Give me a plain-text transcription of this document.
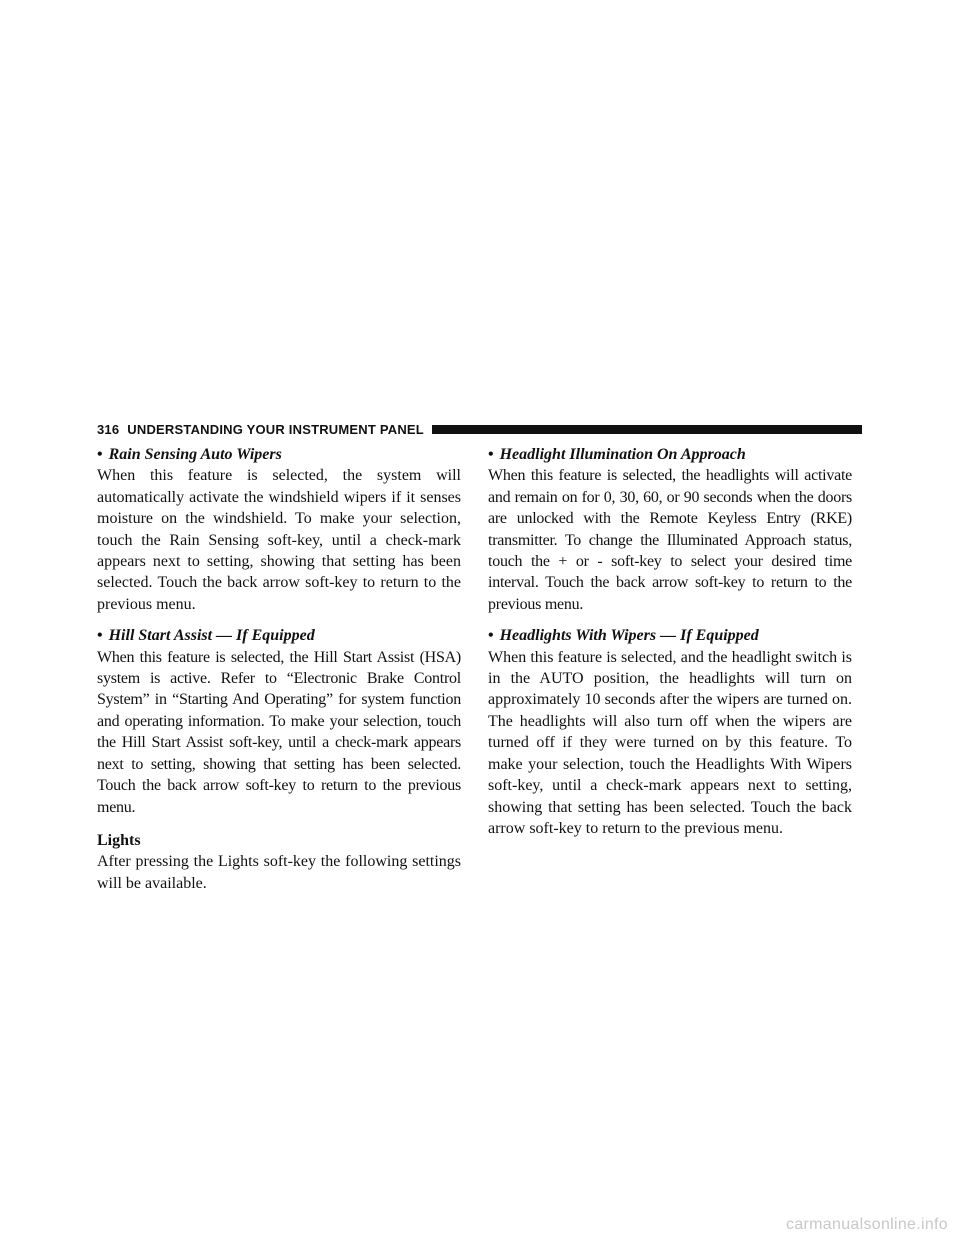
316 UNDERSTANDING YOUR INSTRUMENT PANEL

• Rain Sensing Auto Wipers

When this feature is selected, the system will automatically activate the windshield wipers if it senses moisture on the windshield. To make your selection, touch the Rain Sensing soft-key, until a check-mark appears next to setting, showing that setting has been selected. Touch the back arrow soft-key to return to the previous menu.

• Hill Start Assist — If Equipped

When this feature is selected, the Hill Start Assist (HSA) system is active. Refer to “Electronic Brake Control System” in “Starting And Operating” for system function and operating information. To make your selection, touch the Hill Start Assist soft-key, until a check-mark appears next to setting, showing that setting has been selected. Touch the back arrow soft-key to return to the previous menu.

Lights

After pressing the Lights soft-key the following settings will be available.

• Headlight Illumination On Approach

When this feature is selected, the headlights will activate and remain on for 0, 30, 60, or 90 seconds when the doors are unlocked with the Remote Keyless Entry (RKE) transmitter. To change the Illuminated Approach status, touch the + or - soft-key to select your desired time interval. Touch the back arrow soft-key to return to the previous menu.

• Headlights With Wipers — If Equipped

When this feature is selected, and the headlight switch is in the AUTO position, the headlights will turn on approximately 10 seconds after the wipers are turned on. The headlights will also turn off when the wipers are turned off if they were turned on by this feature. To make your selection, touch the Headlights With Wipers soft-key, until a check-mark appears next to setting, showing that setting has been selected. Touch the back arrow soft-key to return to the previous menu.

carmanualsonline.info
